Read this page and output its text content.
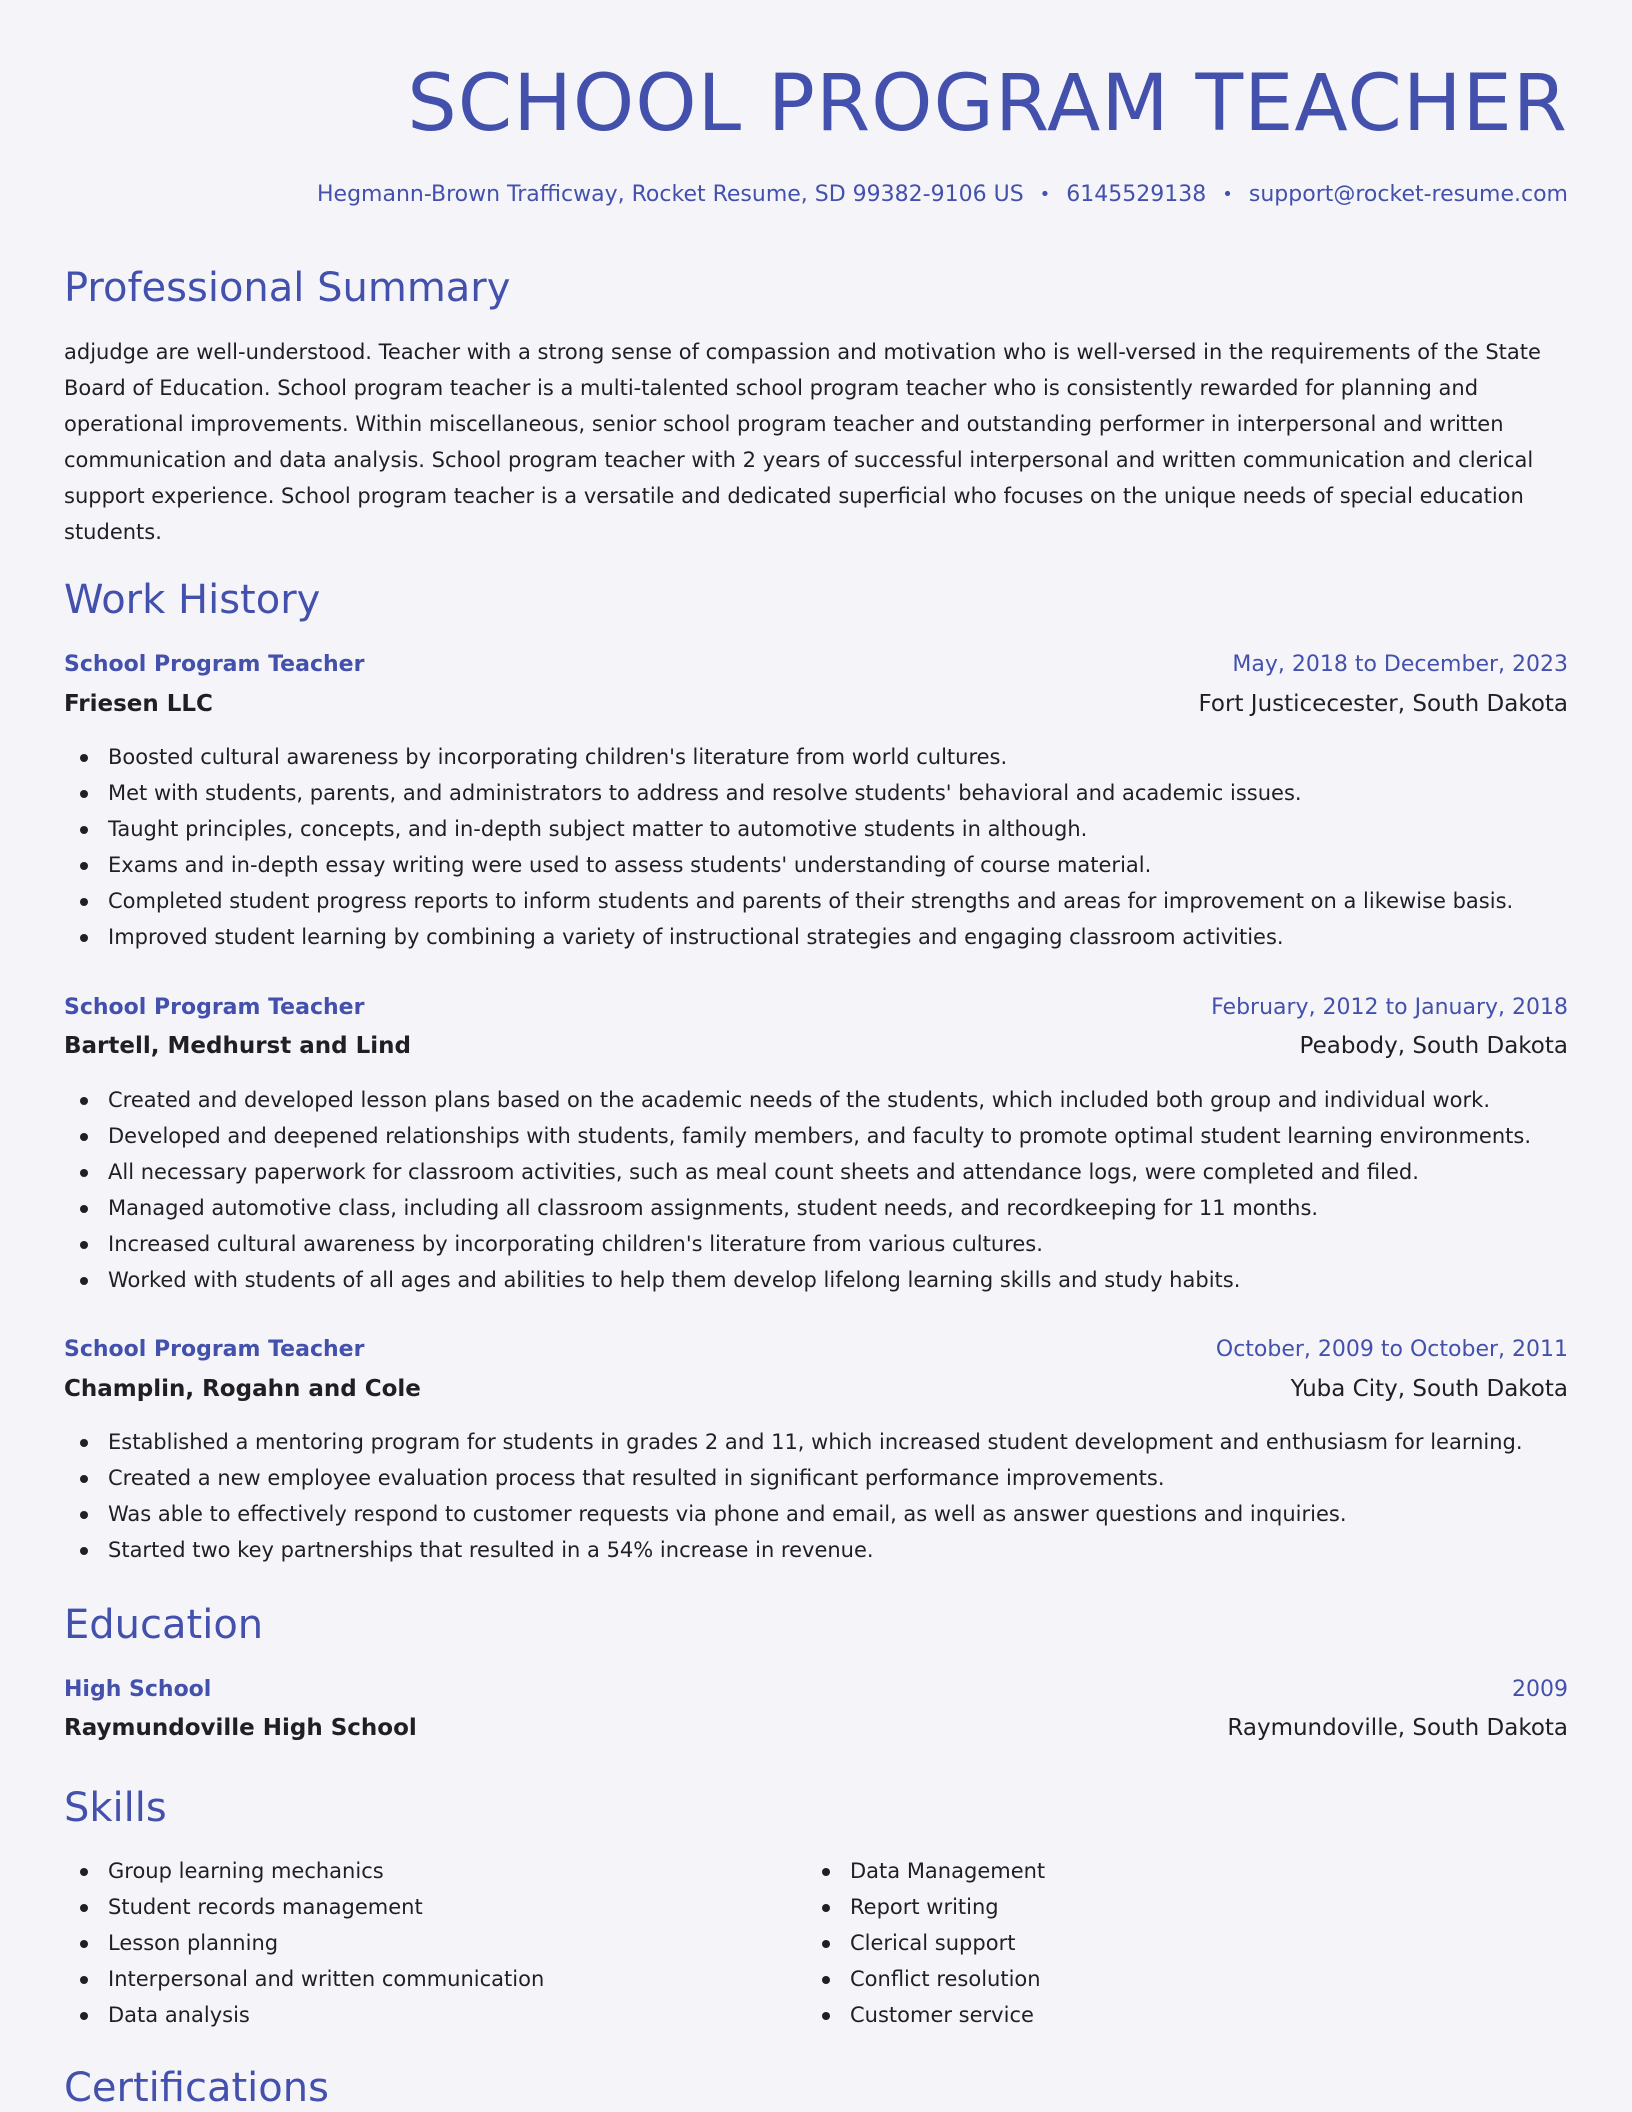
SCHOOL PROGRAM TEACHER
Hegmann-Brown Trafficway, Rocket Resume, SD 99382-9106 US • 6145529138 • support@rocket-resume.com
Professional Summary

adjudge are well-understood. Teacher with a strong sense of compassion and motivation who is well-versed in the requirements of the State Board of Education. School program teacher is a multi-talented school program teacher who is consistently rewarded for planning and operational improvements. Within miscellaneous, senior school program teacher and outstanding performer in interpersonal and written communication and data analysis. School program teacher with 2 years of successful interpersonal and written communication and clerical support experience. School program teacher is a versatile and dedicated superficial who focuses on the unique needs of special education students.

Work History
School Program Teacher	May, 2018 to December, 2023
Friesen LLC	Fort Justicecester, South Dakota
Boosted cultural awareness by incorporating children's literature from world cultures.
Met with students, parents, and administrators to address and resolve students' behavioral and academic issues.
Taught principles, concepts, and in-depth subject matter to automotive students in although.
Exams and in-depth essay writing were used to assess students' understanding of course material.
Completed student progress reports to inform students and parents of their strengths and areas for improvement on a likewise basis.
Improved student learning by combining a variety of instructional strategies and engaging classroom activities.
School Program Teacher	February, 2012 to January, 2018
Bartell, Medhurst and Lind	Peabody, South Dakota
Created and developed lesson plans based on the academic needs of the students, which included both group and individual work.
Developed and deepened relationships with students, family members, and faculty to promote optimal student learning environments.
All necessary paperwork for classroom activities, such as meal count sheets and attendance logs, were completed and filed.
Managed automotive class, including all classroom assignments, student needs, and recordkeeping for 11 months.
Increased cultural awareness by incorporating children's literature from various cultures.
Worked with students of all ages and abilities to help them develop lifelong learning skills and study habits.
School Program Teacher	October, 2009 to October, 2011
Champlin, Rogahn and Cole	Yuba City, South Dakota
Established a mentoring program for students in grades 2 and 11, which increased student development and enthusiasm for learning.
Created a new employee evaluation process that resulted in significant performance improvements.
Was able to effectively respond to customer requests via phone and email, as well as answer questions and inquiries.
Started two key partnerships that resulted in a 54% increase in revenue.
Education
High School	2009
Raymundoville High School	Raymundoville, South Dakota
Skills
Group learning mechanics
Student records management
Lesson planning
Interpersonal and written communication
Data analysis
Data Management
Report writing
Clerical support
Conflict resolution
Customer service
Certifications
